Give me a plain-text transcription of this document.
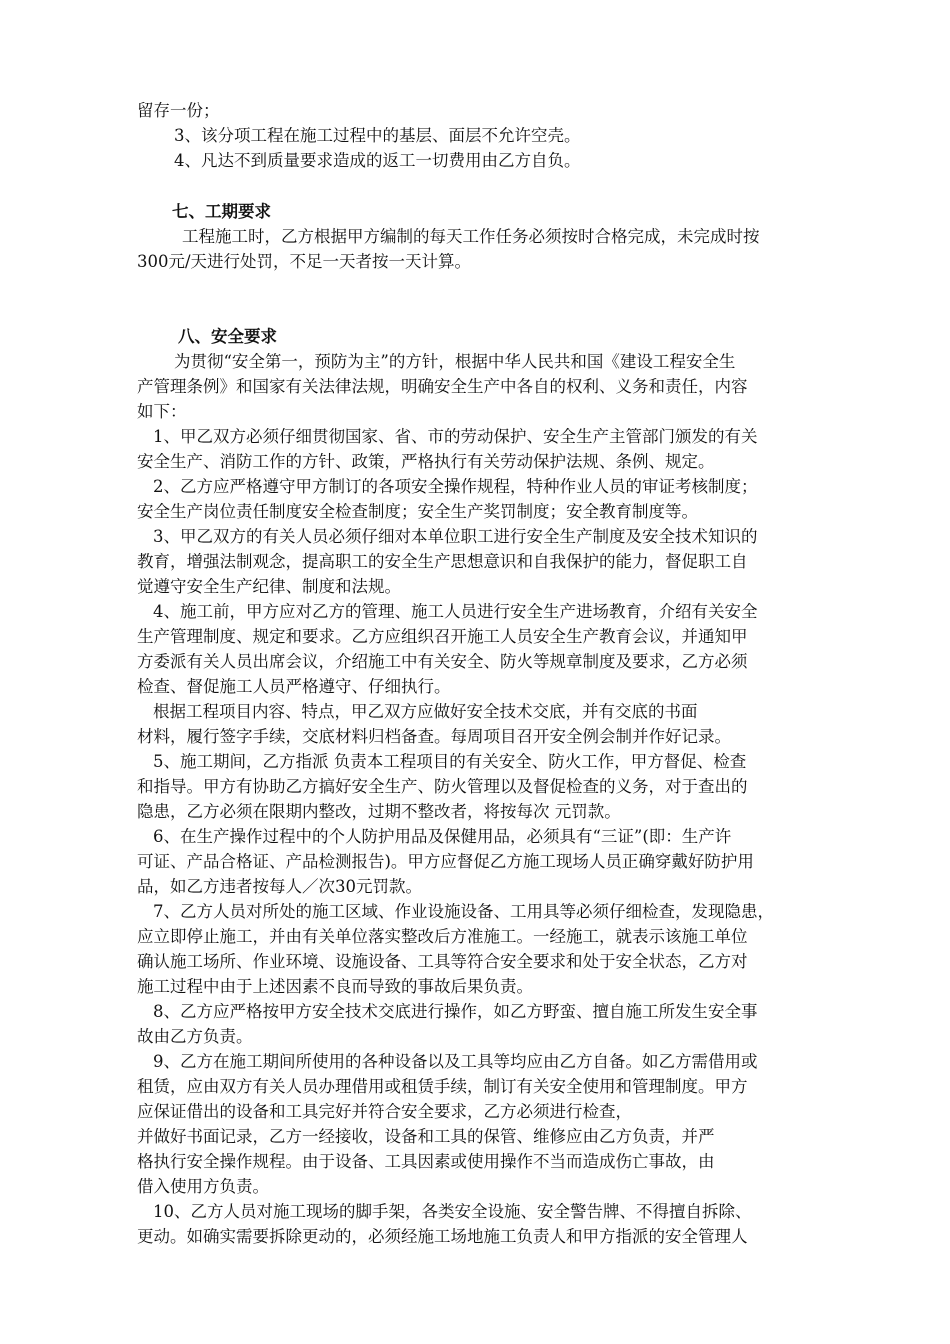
留存一份；
3、该分项工程在施工过程中的基层、面层不允许空壳。
4、凡达不到质量要求造成的返工一切费用由乙方自负。
七、工期要求
工程施工时，乙方根据甲方编制的每天工作任务必须按时合格完成，未完成时按
300元/天进行处罚，不足一天者按一天计算。
八、安全要求
为贯彻“安全第一，预防为主”的方针，根据中华人民共和国《建设工程安全生
产管理条例》和国家有关法律法规，明确安全生产中各自的权利、义务和责任，内容
如下：
1、甲乙双方必须仔细贯彻国家、省、市的劳动保护、安全生产主管部门颁发的有关
安全生产、消防工作的方针、政策，严格执行有关劳动保护法规、条例、规定。
2、乙方应严格遵守甲方制订的各项安全操作规程，特种作业人员的审证考核制度；
安全生产岗位责任制度安全检查制度；安全生产奖罚制度；安全教育制度等。
3、甲乙双方的有关人员必须仔细对本单位职工进行安全生产制度及安全技术知识的
教育，增强法制观念，提高职工的安全生产思想意识和自我保护的能力，督促职工自
觉遵守安全生产纪律、制度和法规。
4、施工前，甲方应对乙方的管理、施工人员进行安全生产进场教育，介绍有关安全
生产管理制度、规定和要求。乙方应组织召开施工人员安全生产教育会议，并通知甲
方委派有关人员出席会议，介绍施工中有关安全、防火等规章制度及要求，乙方必须
检查、督促施工人员严格遵守、仔细执行。
根据工程项目内容、特点，甲乙双方应做好安全技术交底，并有交底的书面
材料，履行签字手续，交底材料归档备查。每周项目召开安全例会制并作好记录。
5、施工期间，乙方指派 负责本工程项目的有关安全、防火工作，甲方督促、检查
和指导。甲方有协助乙方搞好安全生产、防火管理以及督促检查的义务，对于查出的
隐患，乙方必须在限期内整改，过期不整改者，将按每次 元罚款。
6、在生产操作过程中的个人防护用品及保健用品，必须具有“三证”(即：生产许
可证、产品合格证、产品检测报告)。甲方应督促乙方施工现场人员正确穿戴好防护用
品，如乙方违者按每人／次30元罚款。
7、乙方人员对所处的施工区域、作业设施设备、工用具等必须仔细检查，发现隐患，
应立即停止施工，并由有关单位落实整改后方准施工。一经施工，就表示该施工单位
确认施工场所、作业环境、设施设备、工具等符合安全要求和处于安全状态，乙方对
施工过程中由于上述因素不良而导致的事故后果负责。
8、乙方应严格按甲方安全技术交底进行操作，如乙方野蛮、擅自施工所发生安全事
故由乙方负责。
9、乙方在施工期间所使用的各种设备以及工具等均应由乙方自备。如乙方需借用或
租赁，应由双方有关人员办理借用或租赁手续，制订有关安全使用和管理制度。甲方
应保证借出的设备和工具完好并符合安全要求，乙方必须进行检查，
并做好书面记录，乙方一经接收，设备和工具的保管、维修应由乙方负责，并严
格执行安全操作规程。由于设备、工具因素或使用操作不当而造成伤亡事故，由
借入使用方负责。
10、乙方人员对施工现场的脚手架，各类安全设施、安全警告牌、不得擅自拆除、
更动。如确实需要拆除更动的，必须经施工场地施工负责人和甲方指派的安全管理人
